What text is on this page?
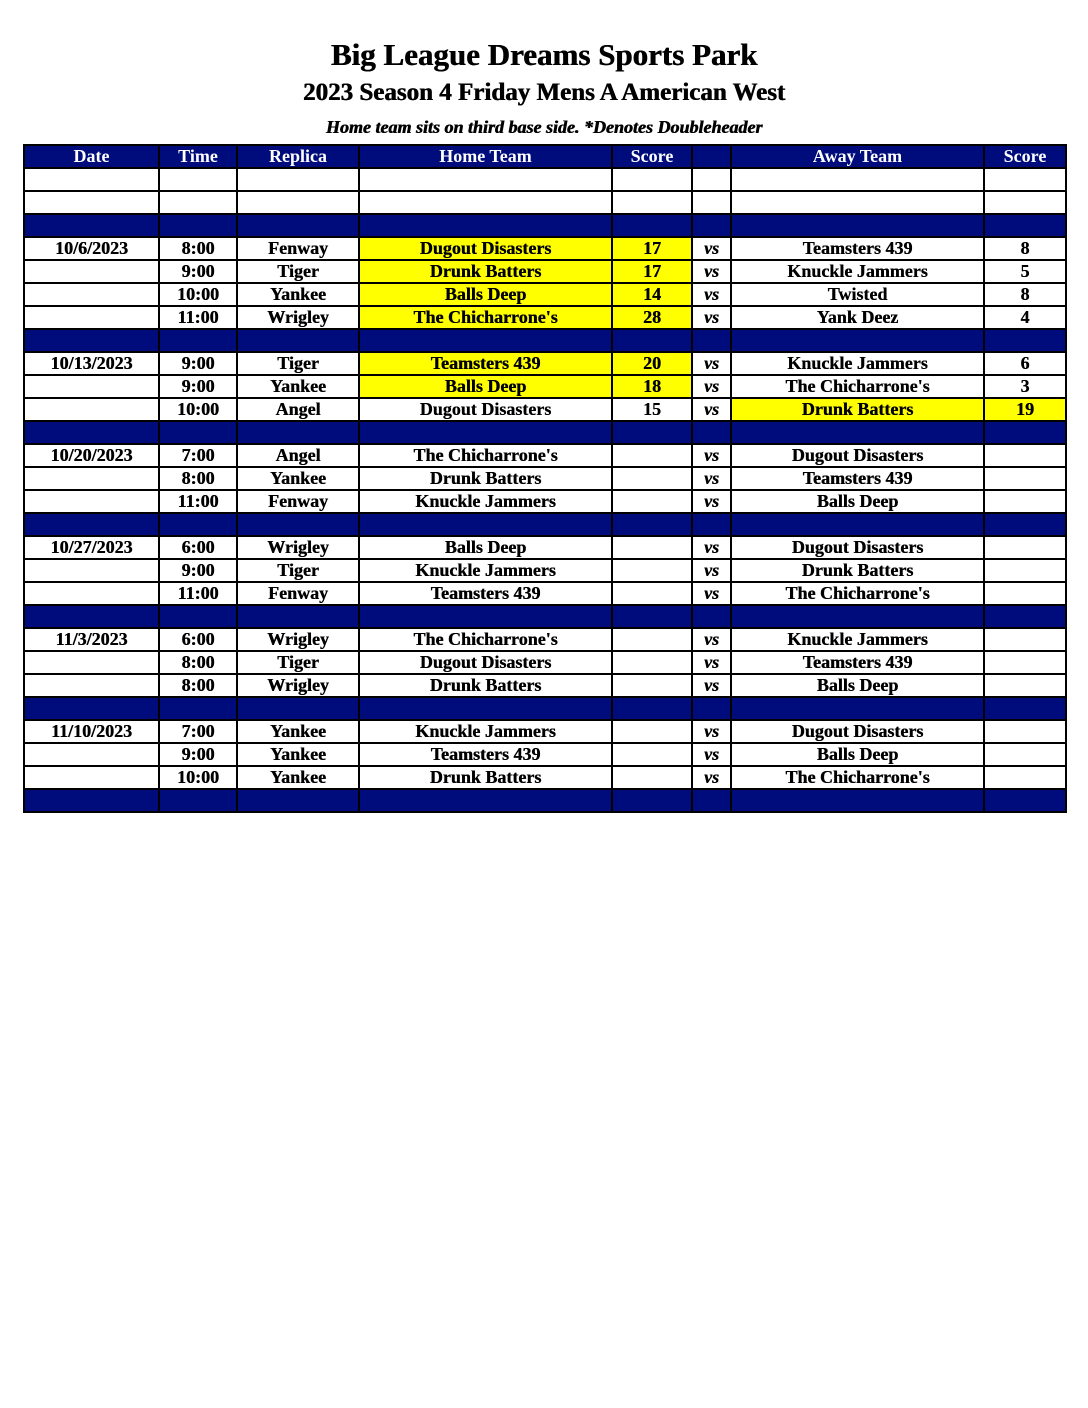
Big League Dreams Sports Park
2023 Season 4 Friday Mens A American West
Home team sits on third base side. *Denotes Doubleheader
Date	Time	Replica	Home Team	Score		Away Team	Score

10/6/2023	8:00	Fenway	Dugout Disasters	17	vs	Teamsters 439	8
	9:00	Tiger	Drunk Batters	17	vs	Knuckle Jammers	5
	10:00	Yankee	Balls Deep	14	vs	Twisted	8
	11:00	Wrigley	The Chicharrone's	28	vs	Yank Deez	4

10/13/2023	9:00	Tiger	Teamsters 439	20	vs	Knuckle Jammers	6
	9:00	Yankee	Balls Deep	18	vs	The Chicharrone's	3
	10:00	Angel	Dugout Disasters	15	vs	Drunk Batters	19

10/20/2023	7:00	Angel	The Chicharrone's		vs	Dugout Disasters	
	8:00	Yankee	Drunk Batters		vs	Teamsters 439	
	11:00	Fenway	Knuckle Jammers		vs	Balls Deep	

10/27/2023	6:00	Wrigley	Balls Deep		vs	Dugout Disasters	
	9:00	Tiger	Knuckle Jammers		vs	Drunk Batters	
	11:00	Fenway	Teamsters 439		vs	The Chicharrone's	

11/3/2023	6:00	Wrigley	The Chicharrone's		vs	Knuckle Jammers	
	8:00	Tiger	Dugout Disasters		vs	Teamsters 439	
	8:00	Wrigley	Drunk Batters		vs	Balls Deep	

11/10/2023	7:00	Yankee	Knuckle Jammers		vs	Dugout Disasters	
	9:00	Yankee	Teamsters 439		vs	Balls Deep	
	10:00	Yankee	Drunk Batters		vs	The Chicharrone's	
